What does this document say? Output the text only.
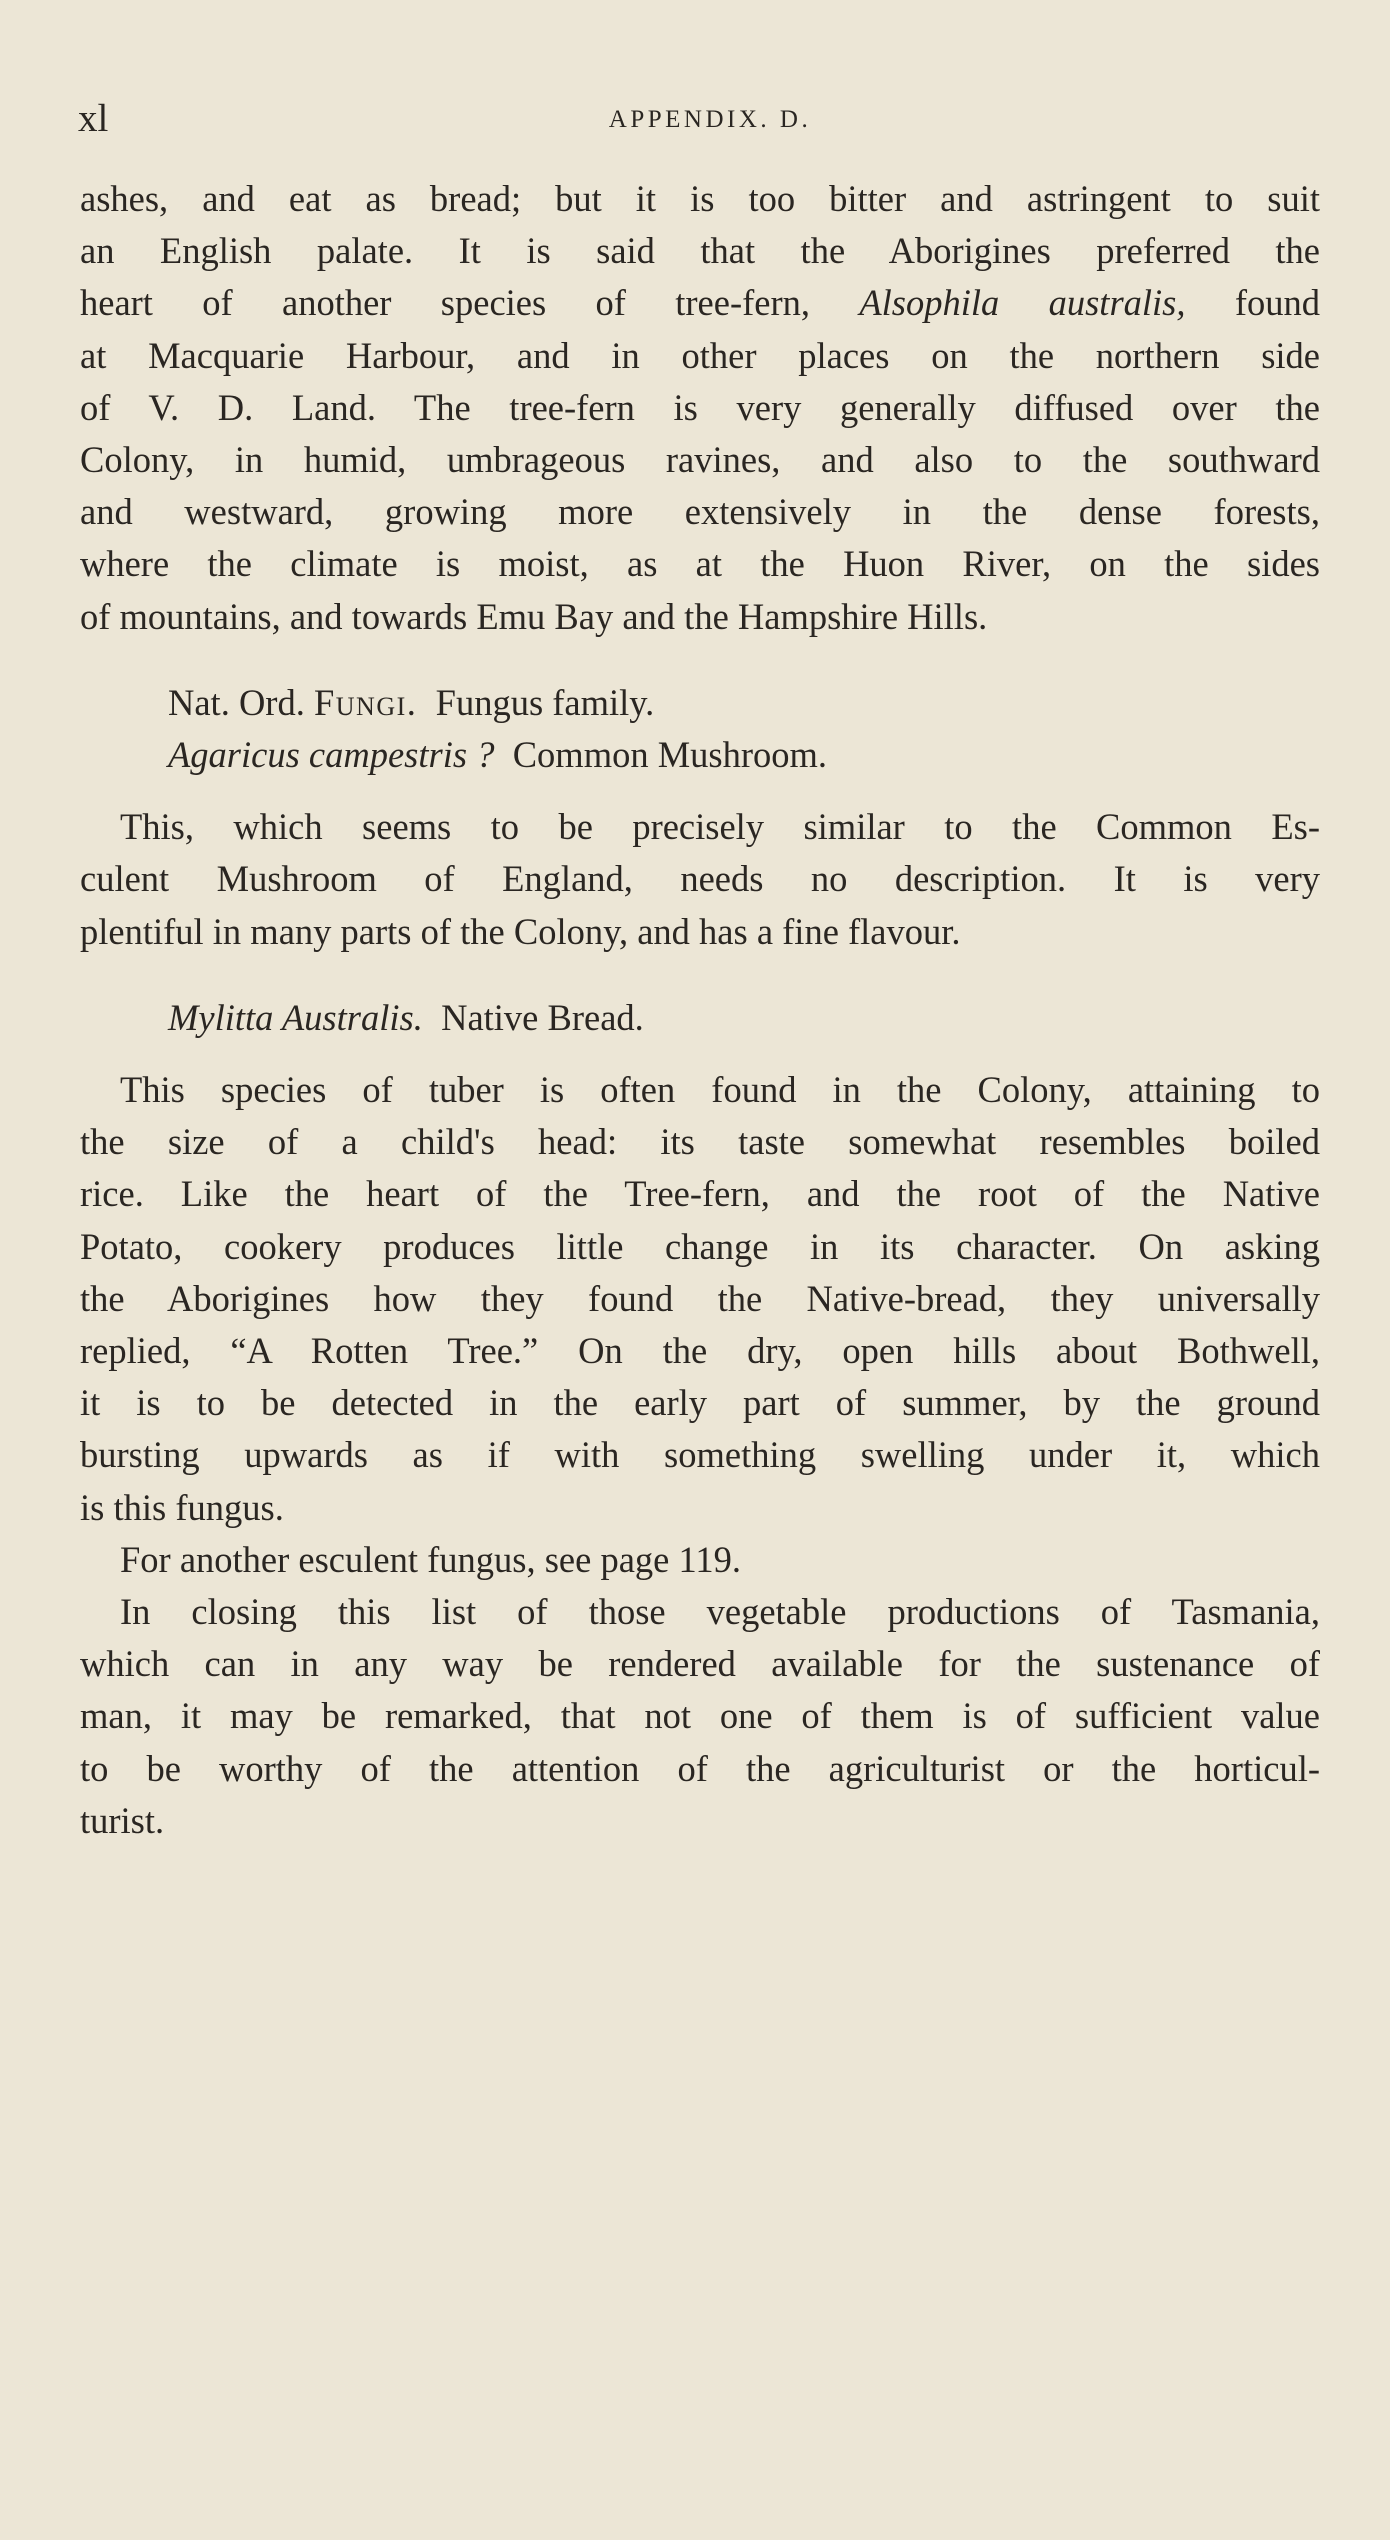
xl	APPENDIX. D.
ashes, and eat as bread; but it is too bitter and astringent to suit
an English palate. It is said that the Aborigines preferred the
heart of another species of tree-fern, Alsophila australis, found
at Macquarie Harbour, and in other places on the northern side
of V. D. Land. The tree-fern is very generally diffused over the
Colony, in humid, umbrageous ravines, and also to the southward
and westward, growing more extensively in the dense forests,
where the climate is moist, as at the Huon River, on the sides
of mountains, and towards Emu Bay and the Hampshire Hills.
Nat. Ord. Fungi. Fungus family.
Agaricus campestris ? Common Mushroom.
This, which seems to be precisely similar to the Common Es-
culent Mushroom of England, needs no description. It is very
plentiful in many parts of the Colony, and has a fine flavour.
Mylitta Australis. Native Bread.
This species of tuber is often found in the Colony, attaining to
the size of a child's head: its taste somewhat resembles boiled
rice. Like the heart of the Tree-fern, and the root of the Native
Potato, cookery produces little change in its character. On asking
the Aborigines how they found the Native-bread, they universally
replied, “A Rotten Tree.” On the dry, open hills about Bothwell,
it is to be detected in the early part of summer, by the ground
bursting upwards as if with something swelling under it, which
is this fungus.
For another esculent fungus, see page 119.
In closing this list of those vegetable productions of Tasmania,
which can in any way be rendered available for the sustenance of
man, it may be remarked, that not one of them is of sufficient value
to be worthy of the attention of the agriculturist or the horticul-
turist.
